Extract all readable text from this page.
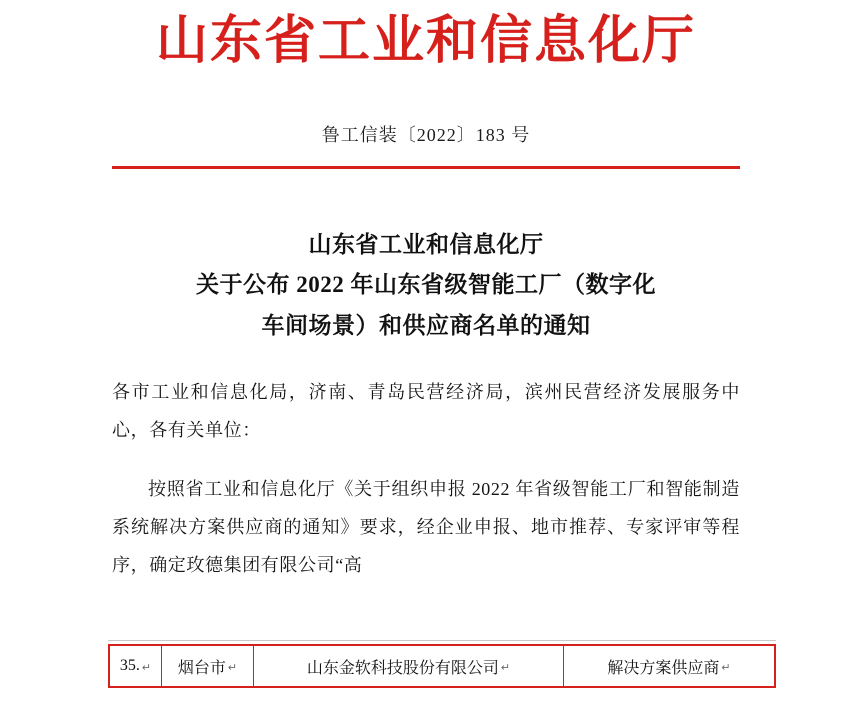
山东省工业和信息化厅
鲁工信装〔2022〕183 号
山东省工业和信息化厅
关于公布 2022 年山东省级智能工厂（数字化
车间场景）和供应商名单的通知
各市工业和信息化局，济南、青岛民营经济局，滨州民营经济发展服务中心，各有关单位：
按照省工业和信息化厅《关于组织申报 2022 年省级智能工厂和智能制造系统解决方案供应商的通知》要求，经企业申报、地市推荐、专家评审等程序，确定玫德集团有限公司“高
35. ↵ 烟台市 ↵	山东金软科技股份有限公司 ↵	解决方案供应商 ↵
